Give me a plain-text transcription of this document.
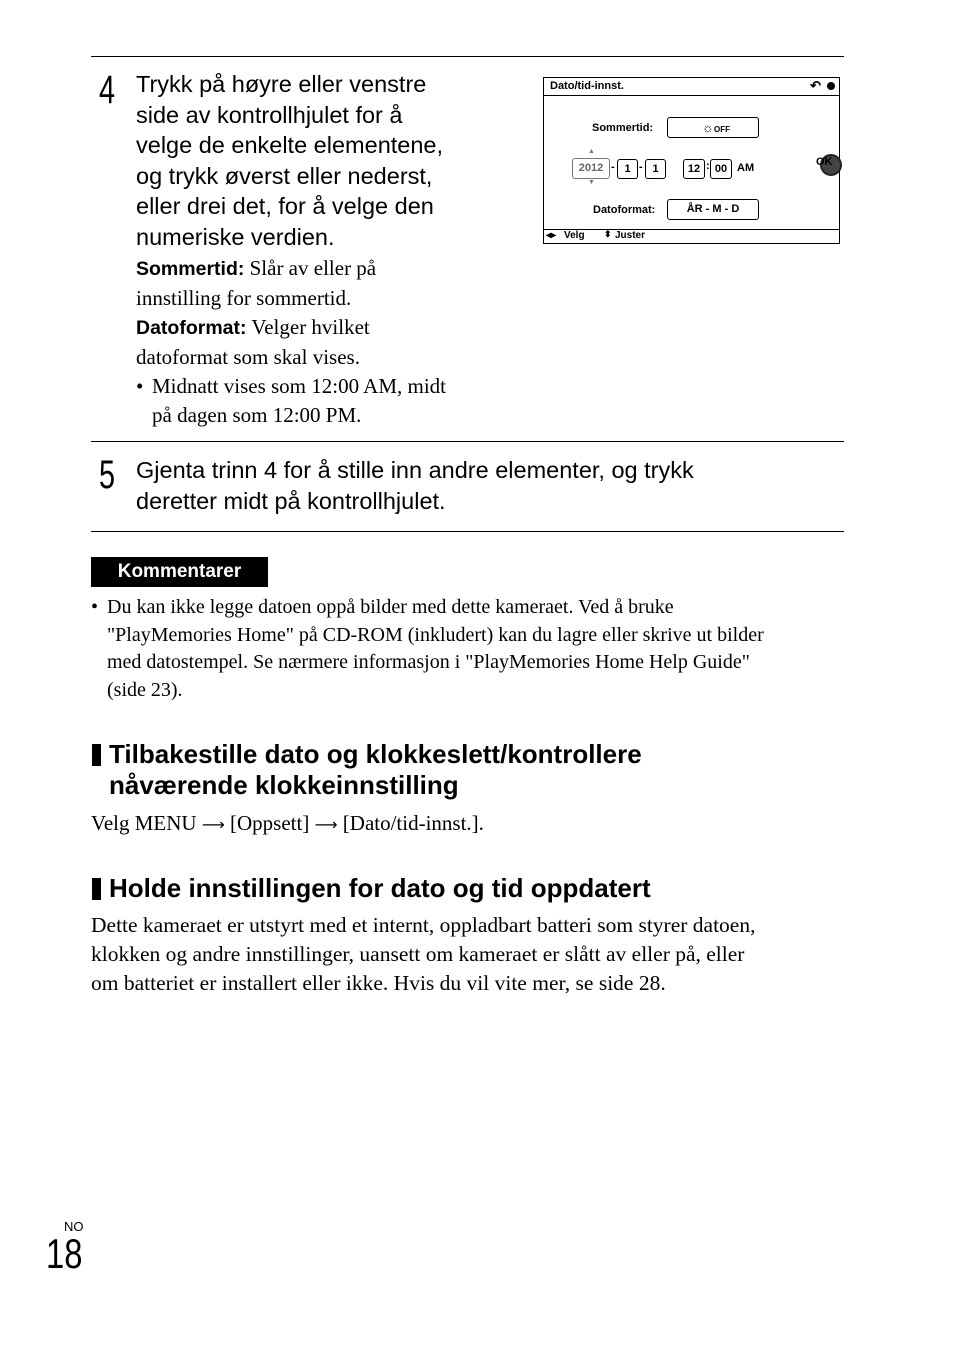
4 Trykk på høyre eller venstre
side av kontrollhjulet for å
velge de enkelte elementene,
og trykk øverst eller nederst,
eller drei det, for å velge den
numeriske verdien.
Sommertid: Slår av eller på
innstilling for sommertid.
Datoformat: Velger hvilket
datoformat som skal vises.
• Midnatt vises som 12:00 AM, midt
på dagen som 12:00 PM.
Dato/tid-innst.	↶
Sommertid:	☼ OFF
▲
2012
▼
- 1 - 1	12 : 00 AM	OK
Datoformat:	ÅR - M - D
◂▸ Velg ⬍ Juster
5 Gjenta trinn 4 for å stille inn andre elementer, og trykk
deretter midt på kontrollhjulet.
Kommentarer
• Du kan ikke legge datoen oppå bilder med dette kameraet. Ved å bruke
"PlayMemories Home" på CD-ROM (inkludert) kan du lagre eller skrive ut bilder
med datostempel. Se nærmere informasjon i "PlayMemories Home Help Guide"
(side 23).
Tilbakestille dato og klokkeslett/kontrollere
nåværende klokkeinnstilling
Velg MENU ⟶ [Oppsett] ⟶ [Dato/tid-innst.].
Holde innstillingen for dato og tid oppdatert
Dette kameraet er utstyrt med et internt, oppladbart batteri som styrer datoen,
klokken og andre innstillinger, uansett om kameraet er slått av eller på, eller
om batteriet er installert eller ikke. Hvis du vil vite mer, se side 28.
NO
18
